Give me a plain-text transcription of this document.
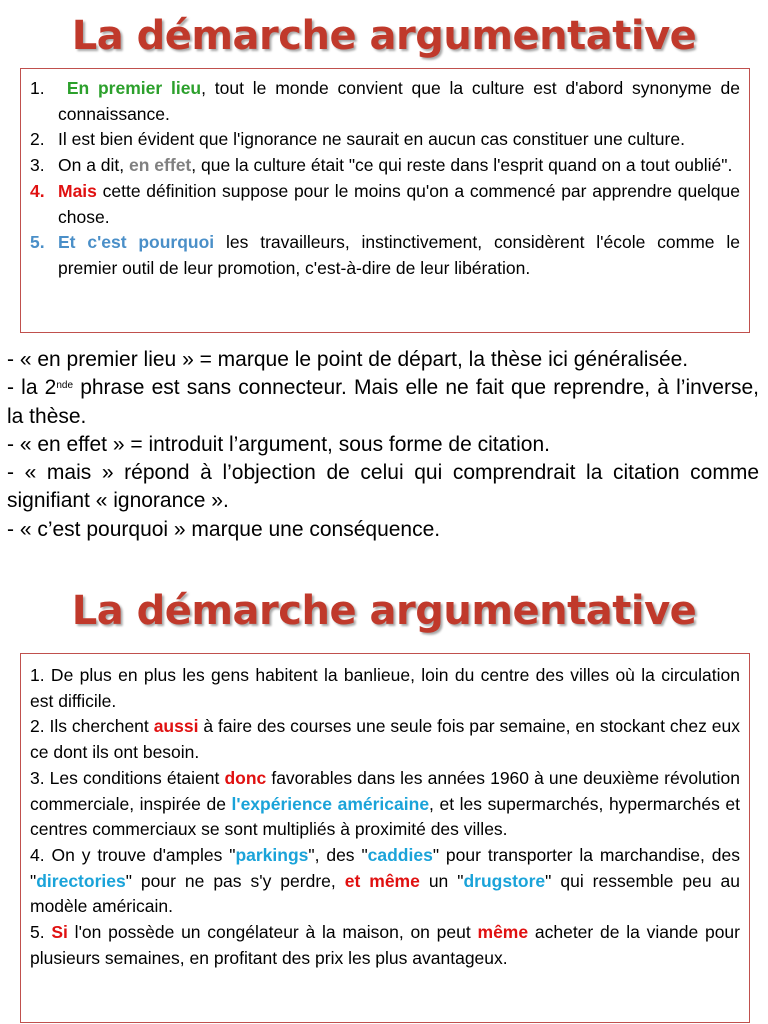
La démarche argumentative
1. En premier lieu, tout le monde convient que la culture est d'abord synonyme de connaissance.
2. Il est bien évident que l'ignorance ne saurait en aucun cas constituer une culture.
3. On a dit, en effet, que la culture était "ce qui reste dans l'esprit quand on a tout oublié".
4. Mais cette définition suppose pour le moins qu'on a commencé par apprendre quelque chose.
5. Et c'est pourquoi les travailleurs, instinctivement, considèrent l'école comme le premier outil de leur promotion, c'est-à-dire de leur libération.
- « en premier lieu » = marque le point de départ, la thèse ici généralisée.
- la 2nde phrase est sans connecteur. Mais elle ne fait que reprendre, à l’inverse, la thèse.
- « en effet » = introduit l’argument, sous forme de citation.
- « mais » répond à l’objection de celui qui comprendrait la citation comme signifiant « ignorance ».
- « c’est pourquoi » marque une conséquence.
La démarche argumentative
1. De plus en plus les gens habitent la banlieue, loin du centre des villes où la circulation est difficile.
2. Ils cherchent aussi à faire des courses une seule fois par semaine, en stockant chez eux ce dont ils ont besoin.
3. Les conditions étaient donc favorables dans les années 1960 à une deuxième révolution commerciale, inspirée de l'expérience américaine, et les supermarchés, hypermarchés et centres commerciaux se sont multipliés à proximité des villes.
4. On y trouve d'amples "parkings", des "caddies" pour transporter la marchandise, des "directories" pour ne pas s'y perdre, et même un "drugstore" qui ressemble peu au modèle américain.
5. Si l'on possède un congélateur à la maison, on peut même acheter de la viande pour plusieurs semaines, en profitant des prix les plus avantageux.
